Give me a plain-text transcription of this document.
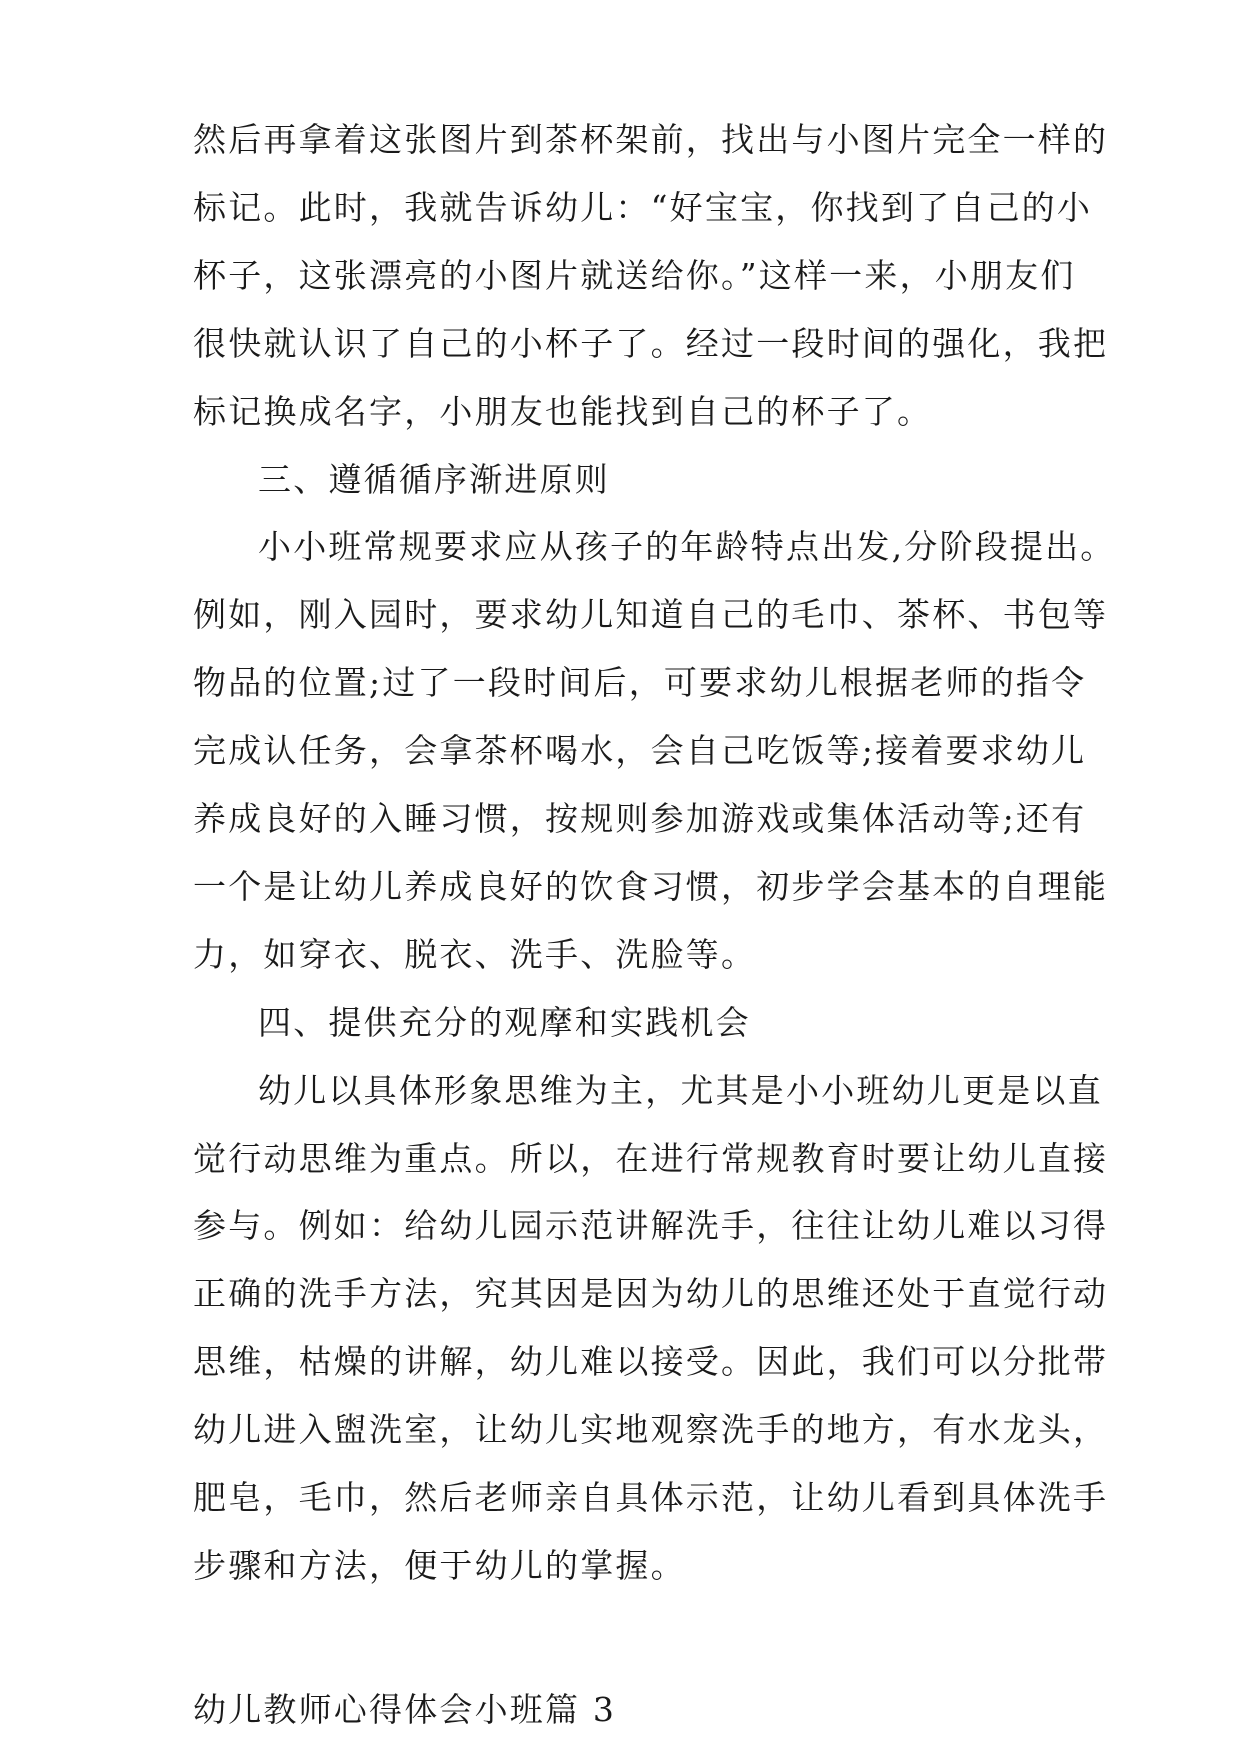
然后再拿着这张图片到茶杯架前，找出与小图片完全一样的
标记。此时，我就告诉幼儿：“好宝宝，你找到了自己的小
杯子，这张漂亮的小图片就送给你。”这样一来，小朋友们
很快就认识了自己的小杯子了。经过一段时间的强化，我把
标记换成名字，小朋友也能找到自己的杯子了。
三、遵循循序渐进原则
小小班常规要求应从孩子的年龄特点出发,分阶段提出。
例如，刚入园时，要求幼儿知道自己的毛巾、茶杯、书包等
物品的位置;过了一段时间后，可要求幼儿根据老师的指令
完成认任务，会拿茶杯喝水，会自己吃饭等;接着要求幼儿
养成良好的入睡习惯，按规则参加游戏或集体活动等;还有
一个是让幼儿养成良好的饮食习惯，初步学会基本的自理能
力，如穿衣、脱衣、洗手、洗脸等。
四、提供充分的观摩和实践机会
幼儿以具体形象思维为主，尤其是小小班幼儿更是以直
觉行动思维为重点。所以，在进行常规教育时要让幼儿直接
参与。例如：给幼儿园示范讲解洗手，往往让幼儿难以习得
正确的洗手方法，究其因是因为幼儿的思维还处于直觉行动
思维，枯燥的讲解，幼儿难以接受。因此，我们可以分批带
幼儿进入盥洗室，让幼儿实地观察洗手的地方，有水龙头，
肥皂，毛巾，然后老师亲自具体示范，让幼儿看到具体洗手
步骤和方法，便于幼儿的掌握。
幼儿教师心得体会小班篇 3
